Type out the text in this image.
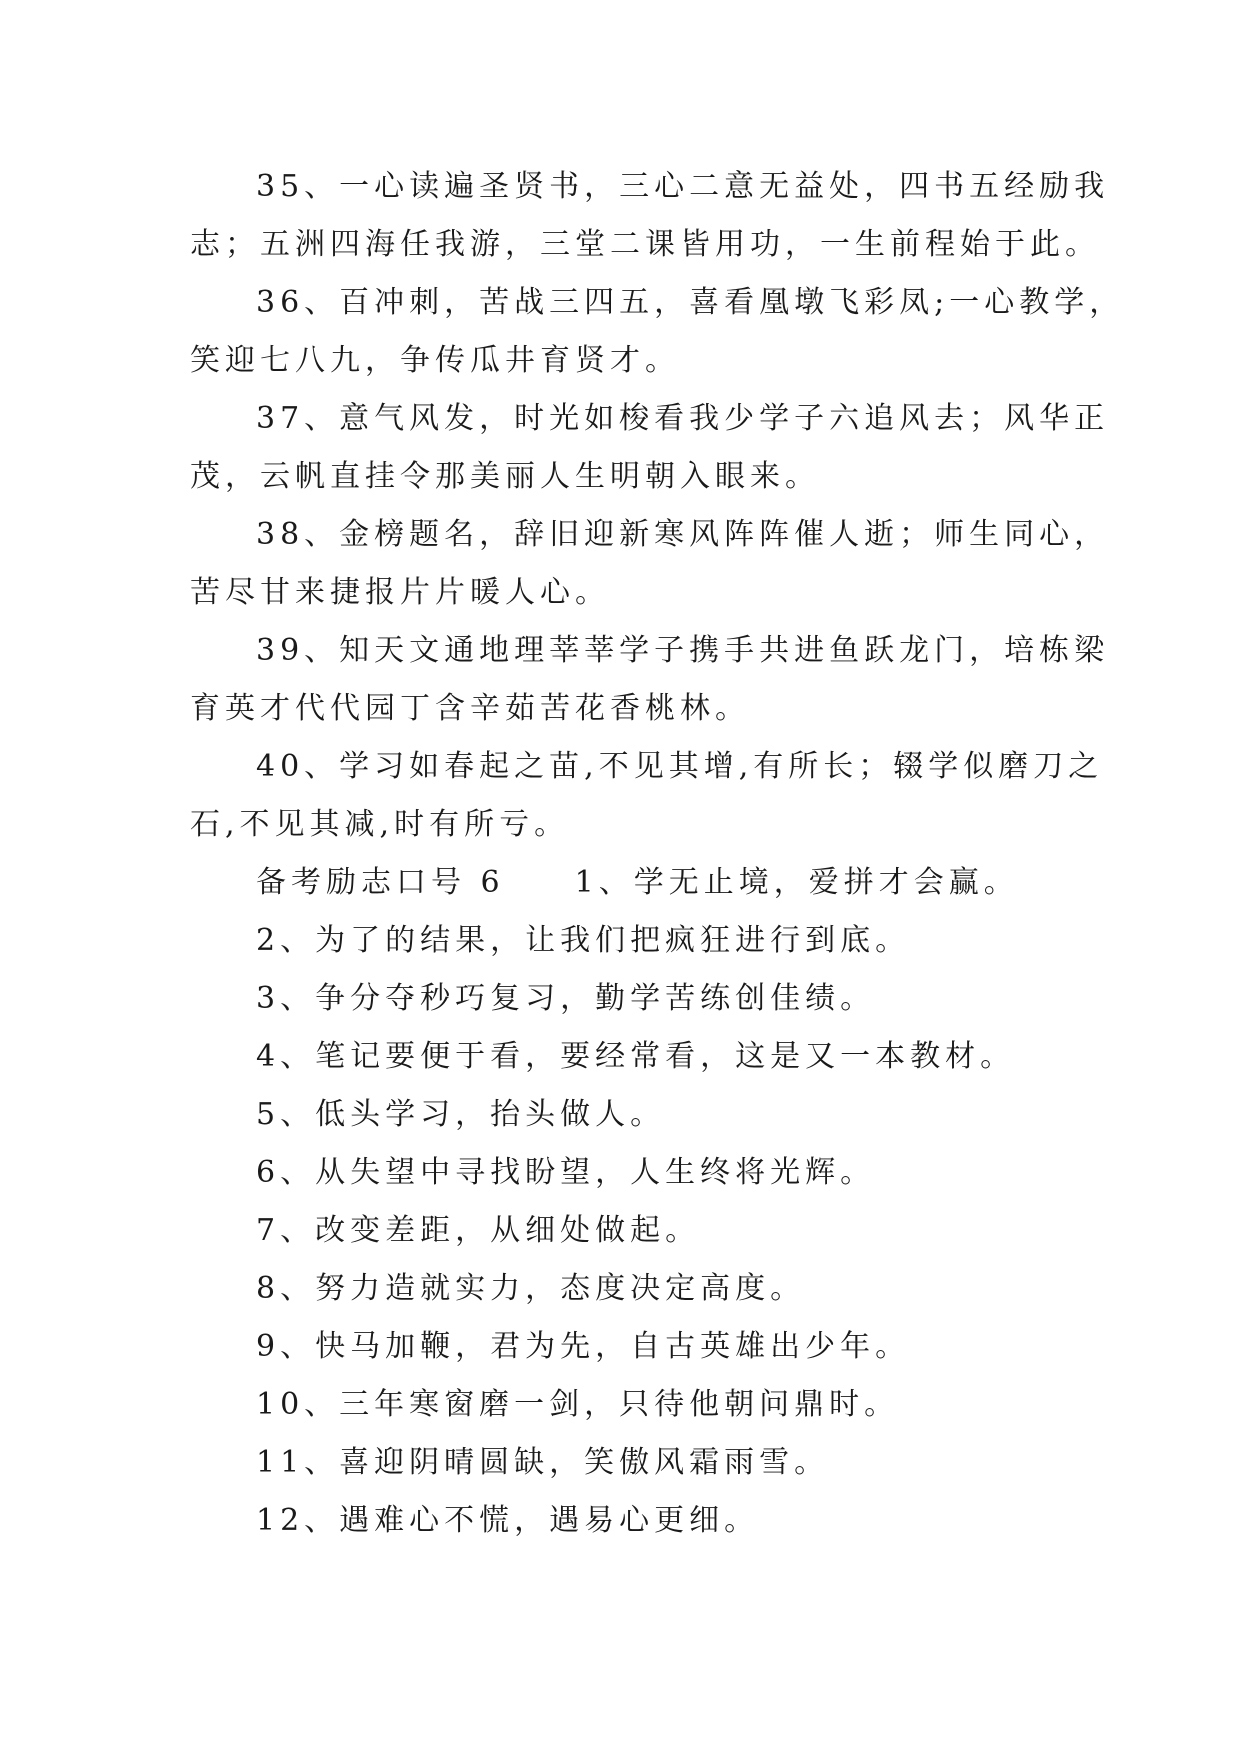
35、一心读遍圣贤书，三心二意无益处，四书五经励我
志；五洲四海任我游，三堂二课皆用功，一生前程始于此。
36、百冲刺，苦战三四五，喜看凰墩飞彩凤;一心教学，
笑迎七八九，争传瓜井育贤才。
37、意气风发，时光如梭看我少学子六追风去；风华正
茂，云帆直挂令那美丽人生明朝入眼来。
38、金榜题名，辞旧迎新寒风阵阵催人逝；师生同心，
苦尽甘来捷报片片暖人心。
39、知天文通地理莘莘学子携手共进鱼跃龙门，培栋梁
育英才代代园丁含辛茹苦花香桃林。
40、学习如春起之苗,不见其增,有所长；辍学似磨刀之
石,不见其减,时有所亏。
备考励志口号 6 1、学无止境，爱拼才会赢。
2、为了的结果，让我们把疯狂进行到底。
3、争分夺秒巧复习，勤学苦练创佳绩。
4、笔记要便于看，要经常看，这是又一本教材。
5、低头学习，抬头做人。
6、从失望中寻找盼望，人生终将光辉。
7、改变差距，从细处做起。
8、努力造就实力，态度决定高度。
9、快马加鞭，君为先，自古英雄出少年。
10、三年寒窗磨一剑，只待他朝问鼎时。
11、喜迎阴晴圆缺，笑傲风霜雨雪。
12、遇难心不慌，遇易心更细。
